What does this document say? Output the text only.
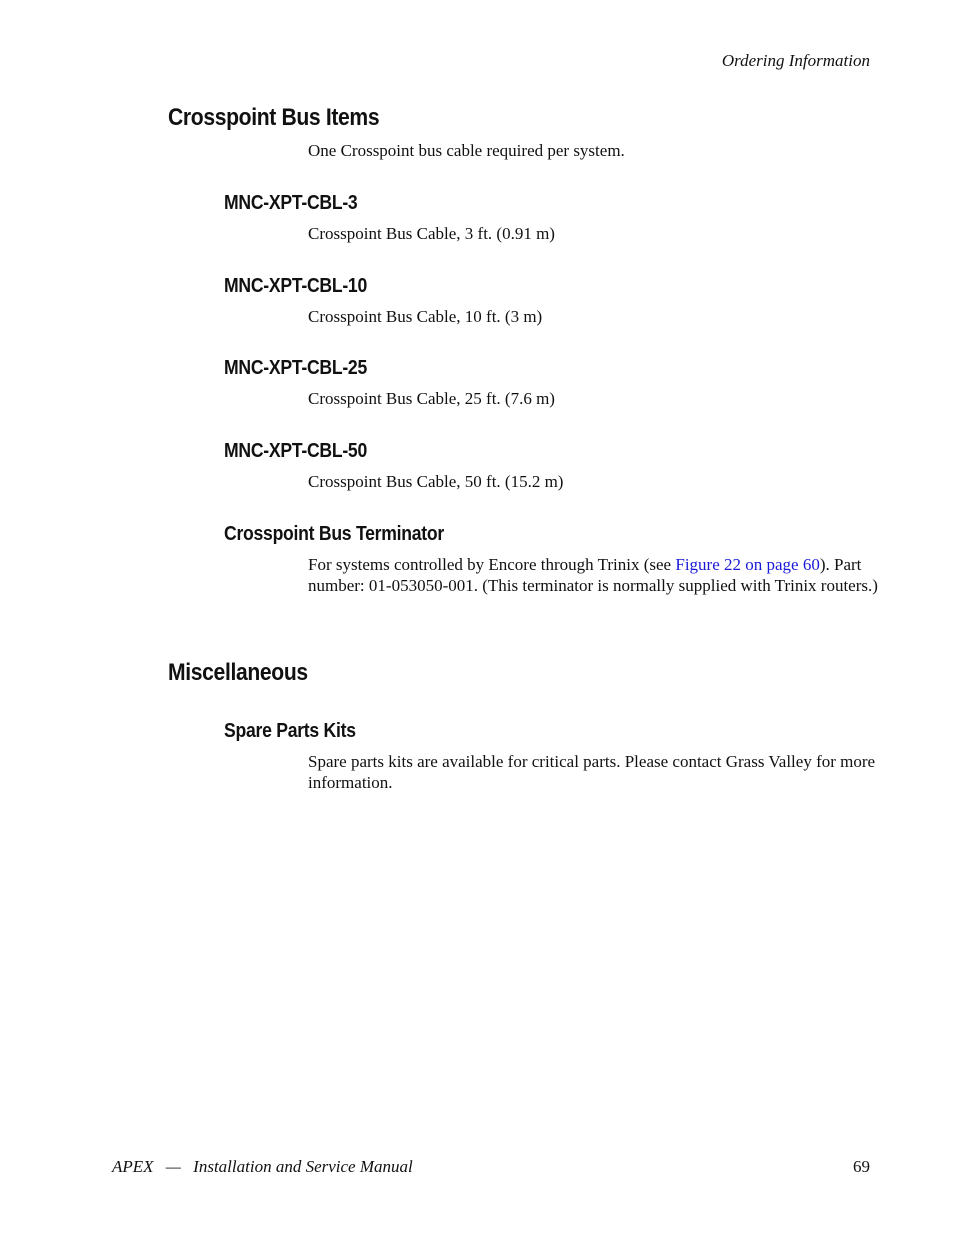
Ordering Information
Crosspoint Bus Items

One Crosspoint bus cable required per system.

MNC-XPT-CBL-3

Crosspoint Bus Cable, 3 ft. (0.91 m)

MNC-XPT-CBL-10

Crosspoint Bus Cable, 10 ft. (3 m)

MNC-XPT-CBL-25

Crosspoint Bus Cable, 25 ft. (7.6 m)

MNC-XPT-CBL-50

Crosspoint Bus Cable, 50 ft. (15.2 m)

Crosspoint Bus Terminator

For systems controlled by Encore through Trinix (see Figure 22 on page 60). Part number: 01-053050-001. (This terminator is normally supplied with Trinix routers.)

Miscellaneous
Spare Parts Kits

Spare parts kits are available for critical parts. Please contact Grass Valley for more information.

APEX — Installation and Service Manual	69
